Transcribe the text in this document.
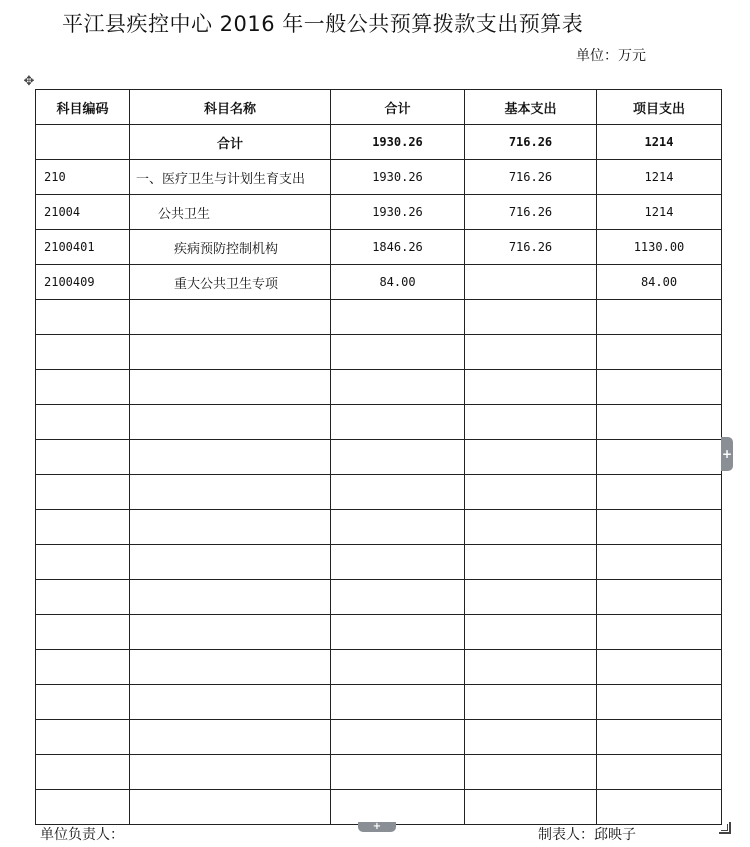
平江县疾控中心 2016 年一般公共预算拨款支出预算表
单位：万元
✥
科目编码	科目名称	合计	基本支出	项目支出
	合计	1930.26	716.26	1214
210	一、医疗卫生与计划生育支出	1930.26	716.26	1214
21004	公共卫生	1930.26	716.26	1214
2100401	疾病预防控制机构	1846.26	716.26	1130.00
2100409	重大公共卫生专项	84.00		84.00

+
+
单位负责人：	制表人：邱映子
